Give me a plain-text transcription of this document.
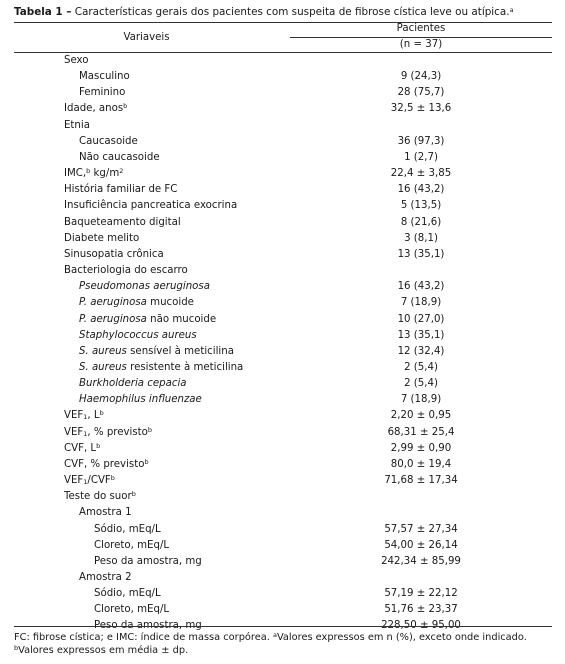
Tabela 1 – Características gerais dos pacientes com suspeita de fibrose cística leve ou atípica.$^a$
Variaveis
Pacientes
(n = 37)
Sexo
Masculino	9 (24,3)
Feminino	28 (75,7)
Idade, anos$^b$	32,5 ± 13,6
Etnia
Caucasoide	36 (97,3)
Não caucasoide	1 (2,7)
IMC,$^b$ $kg/m^2$	22,4 ± 3,85
História familiar de FC	16 (43,2)
Insuficiência pancreatica exocrina	5 (13,5)
Baqueteamento digital	8 (21,6)
Diabete melito	3 (8,1)
Sinusopatia crônica	13 (35,1)
Bacteriologia do escarro
Pseudomonas aeruginosa	16 (43,2)
P. aeruginosa mucoide	7 (18,9)
P. aeruginosa não mucoide	10 (27,0)
Staphylococcus aureus	13 (35,1)
S. aureus sensível à meticilina	12 (32,4)
S. aureus resistente à meticilina	2 (5,4)
Burkholderia cepacia	2 (5,4)
Haemophilus influenzae	7 (18,9)
$VEF_1$, $L^b$	2,20 ± 0,95
$VEF_1$, % previsto$^b$	68,31 ± 25,4
CVF, $L^b$	2,99 ± 0,90
CVF, % previsto$^b$	80,0 ± 19,4
$VEF_1/CVF^b$	71,68 ± 17,34
Teste do suor$^b$
Amostra 1
Sódio, mEq/L	57,57 ± 27,34
Cloreto, mEq/L	54,00 ± 26,14
Peso da amostra, mg	242,34 ± 85,99
Amostra 2
Sódio, mEq/L	57,19 ± 22,12
Cloreto, mEq/L	51,76 ± 23,37
Peso da amostra, mg	228,50 ± 95,00
FC: fibrose cística; e IMC: índice de massa corpórea. $^a$Valores expressos em n (%), exceto onde indicado. $^b$Valores expressos em média ± dp.
